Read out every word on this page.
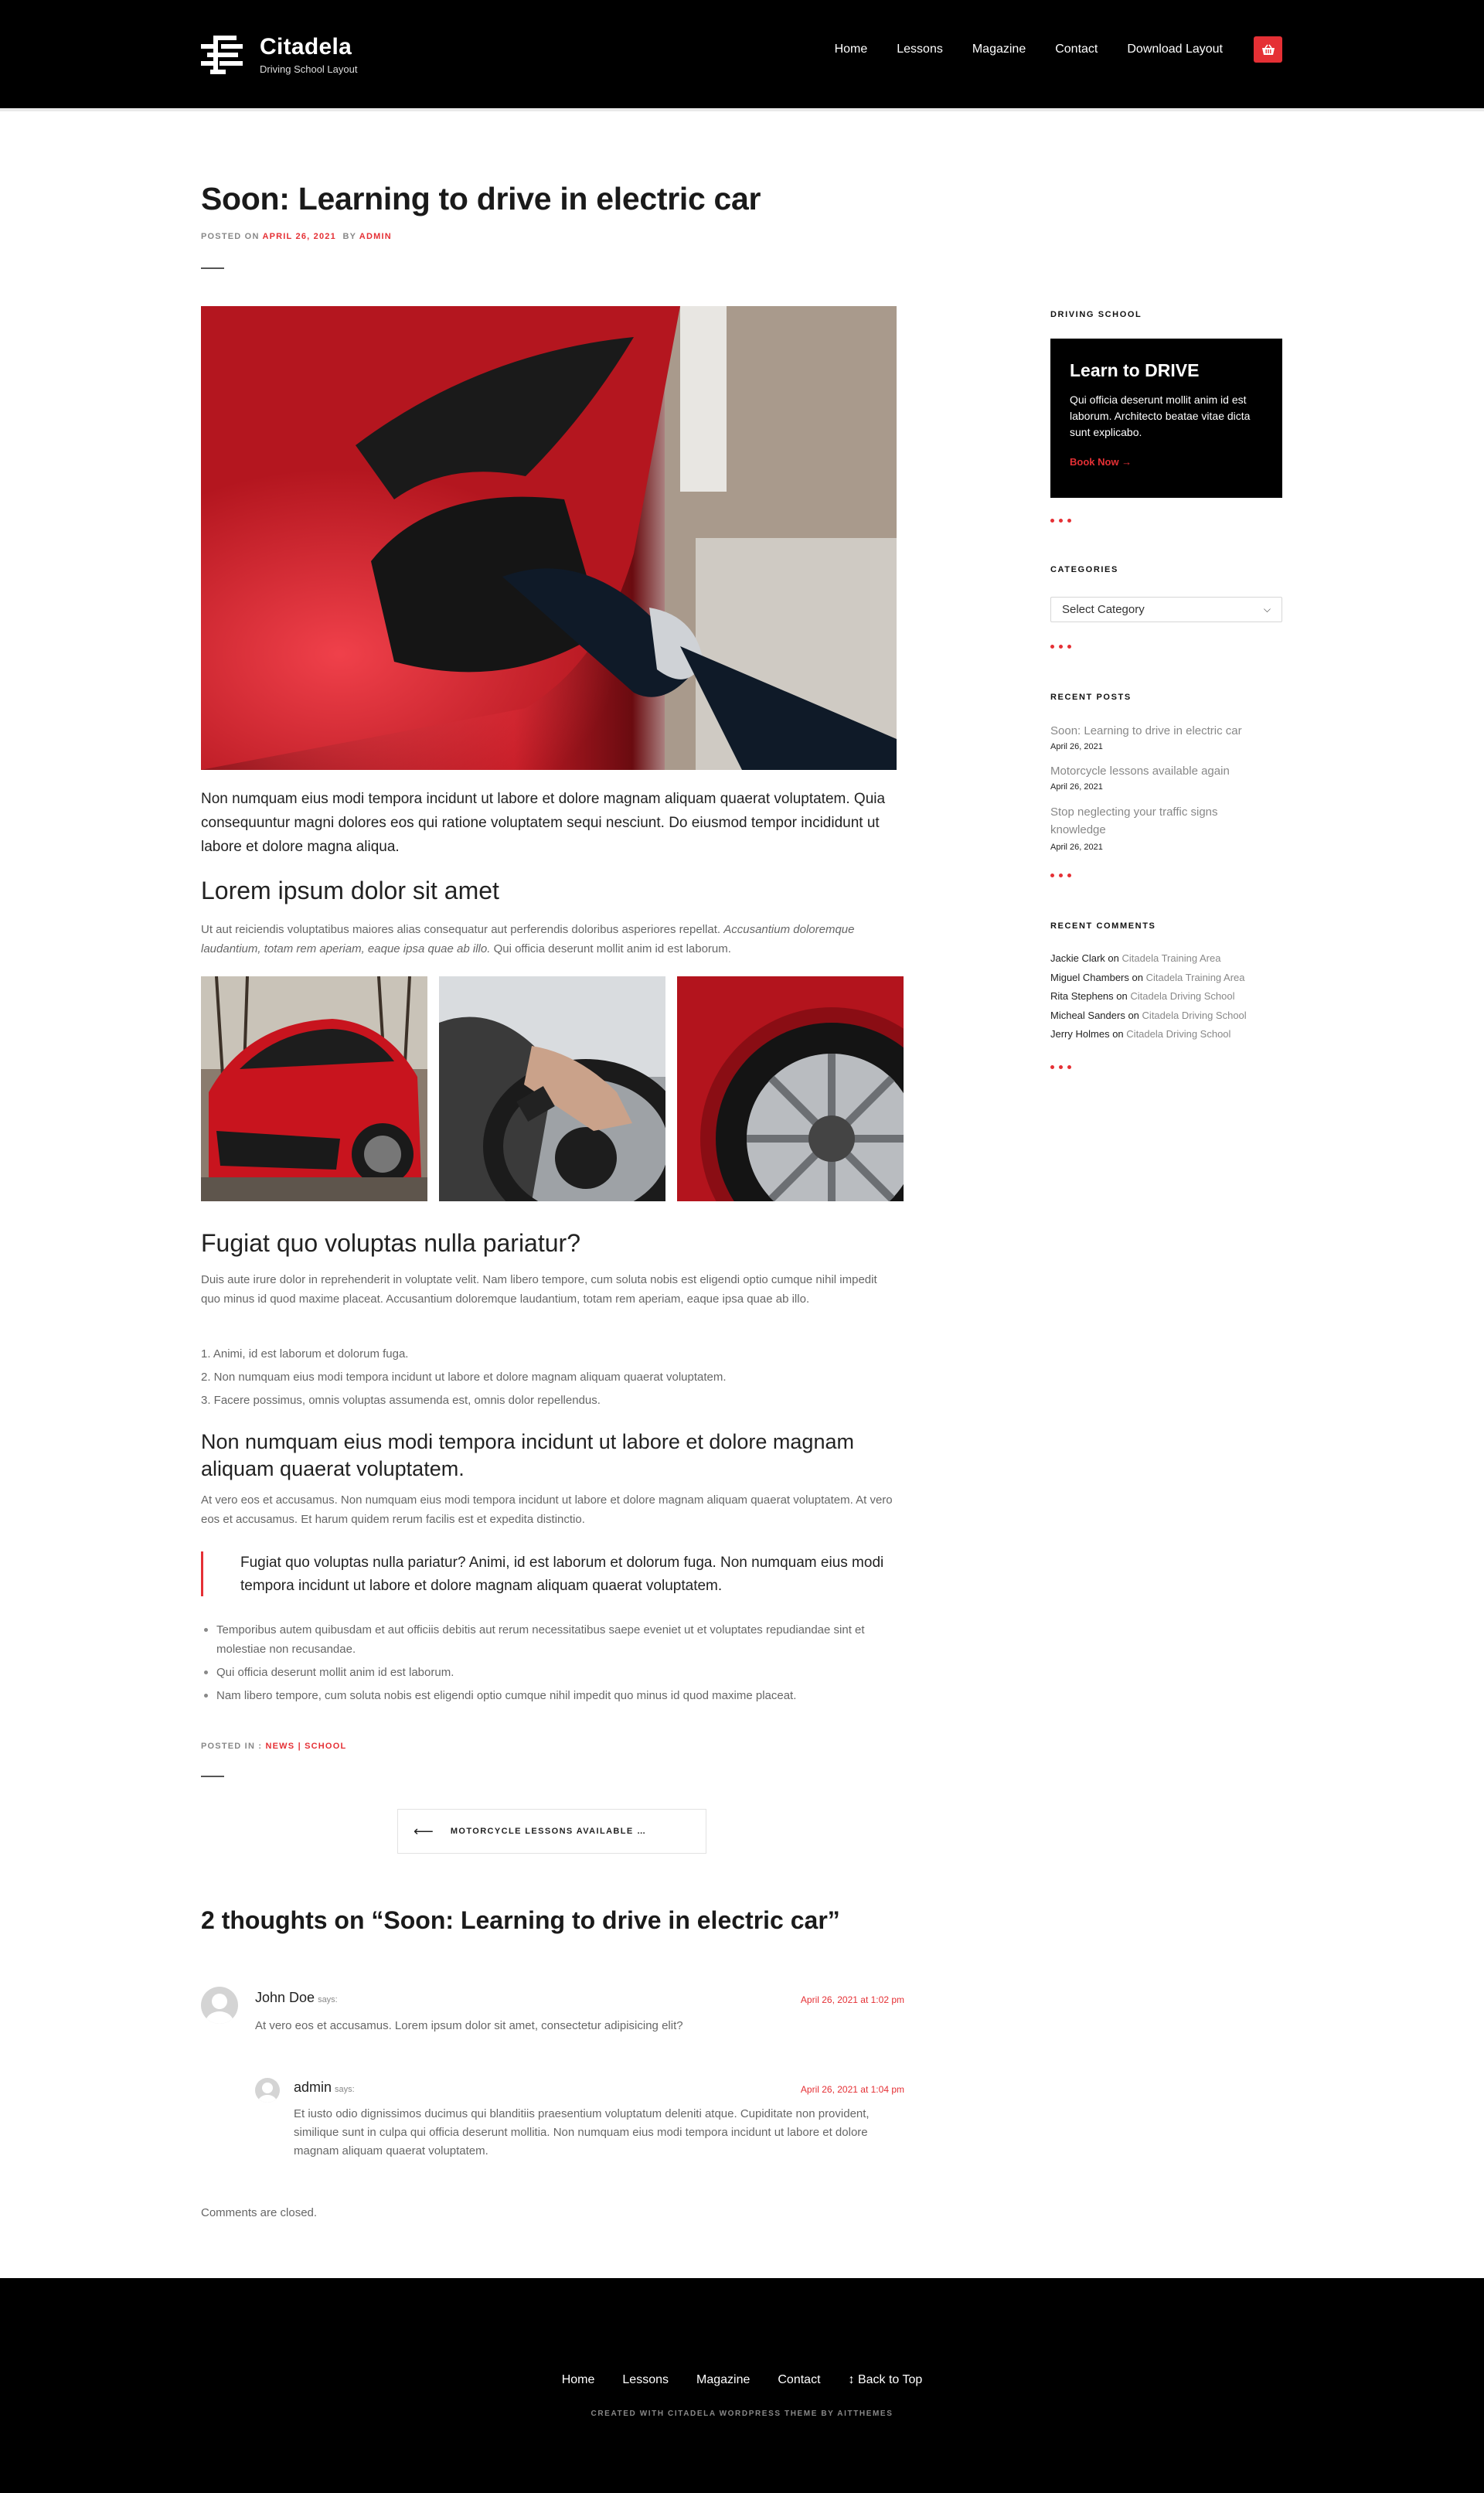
Citadela
Driving School Layout
Home Lessons Magazine Contact Download Layout
Soon: Learning to drive in electric car
POSTED ON APRIL 26, 2021 BY ADMIN

Non numquam eius modi tempora incidunt ut labore et dolore magnam aliquam quaerat voluptatem. Quia consequuntur magni dolores eos qui ratione voluptatem sequi nesciunt. Do eiusmod tempor incididunt ut labore et dolore magna aliqua.

Lorem ipsum dolor sit amet

Ut aut reiciendis voluptatibus maiores alias consequatur aut perferendis doloribus asperiores repellat. Accusantium doloremque laudantium, totam rem aperiam, eaque ipsa quae ab illo. Qui officia deserunt mollit anim id est laborum.

Fugiat quo voluptas nulla pariatur?

Duis aute irure dolor in reprehenderit in voluptate velit. Nam libero tempore, cum soluta nobis est eligendi optio cumque nihil impedit quo minus id quod maxime placeat. Accusantium doloremque laudantium, totam rem aperiam, eaque ipsa quae ab illo.

1. Animi, id est laborum et dolorum fuga.
2. Non numquam eius modi tempora incidunt ut labore et dolore magnam aliquam quaerat voluptatem.
3. Facere possimus, omnis voluptas assumenda est, omnis dolor repellendus.
Non numquam eius modi tempora incidunt ut labore et dolore magnam aliquam quaerat voluptatem.

At vero eos et accusamus. Non numquam eius modi tempora incidunt ut labore et dolore magnam aliquam quaerat voluptatem. At vero eos et accusamus. Et harum quidem rerum facilis est et expedita distinctio.

Fugiat quo voluptas nulla pariatur? Animi, id est laborum et dolorum fuga. Non numquam eius modi tempora incidunt ut labore et dolore magnam aliquam quaerat voluptatem.
Temporibus autem quibusdam et aut officiis debitis aut rerum necessitatibus saepe eveniet ut et voluptates repudiandae sint et molestiae non recusandae.
Qui officia deserunt mollit anim id est laborum.
Nam libero tempore, cum soluta nobis est eligendi optio cumque nihil impedit quo minus id quod maxime placeat.
POSTED IN : NEWS | SCHOOL
⟵ MOTORCYCLE LESSONS AVAILABLE …
2 thoughts on “Soon: Learning to drive in electric car”
John Doe says:	April 26, 2021 at 1:02 pm

At vero eos et accusamus. Lorem ipsum dolor sit amet, consectetur adipisicing elit?

admin says:	April 26, 2021 at 1:04 pm

Et iusto odio dignissimos ducimus qui blanditiis praesentium voluptatum deleniti atque. Cupiditate non provident, similique sunt in culpa qui officia deserunt mollitia. Non numquam eius modi tempora incidunt ut labore et dolore magnam aliquam quaerat voluptatem.

Comments are closed.

DRIVING SCHOOL
Learn to DRIVE
Qui officia deserunt mollit anim id est laborum. Architecto beatae vitae dicta sunt explicabo.
Book Now →
CATEGORIES
Select Category	⌵
RECENT POSTS
Soon: Learning to drive in electric car
April 26, 2021
Motorcycle lessons available again
April 26, 2021
Stop neglecting your traffic signs knowledge
April 26, 2021
RECENT COMMENTS
Jackie Clark on Citadela Training Area
Miguel Chambers on Citadela Training Area
Rita Stephens on Citadela Driving School
Micheal Sanders on Citadela Driving School
Jerry Holmes on Citadela Driving School
Home Lessons Magazine Contact ↕ Back to Top
CREATED WITH CITADELA WORDPRESS THEME BY AITTHEMES
